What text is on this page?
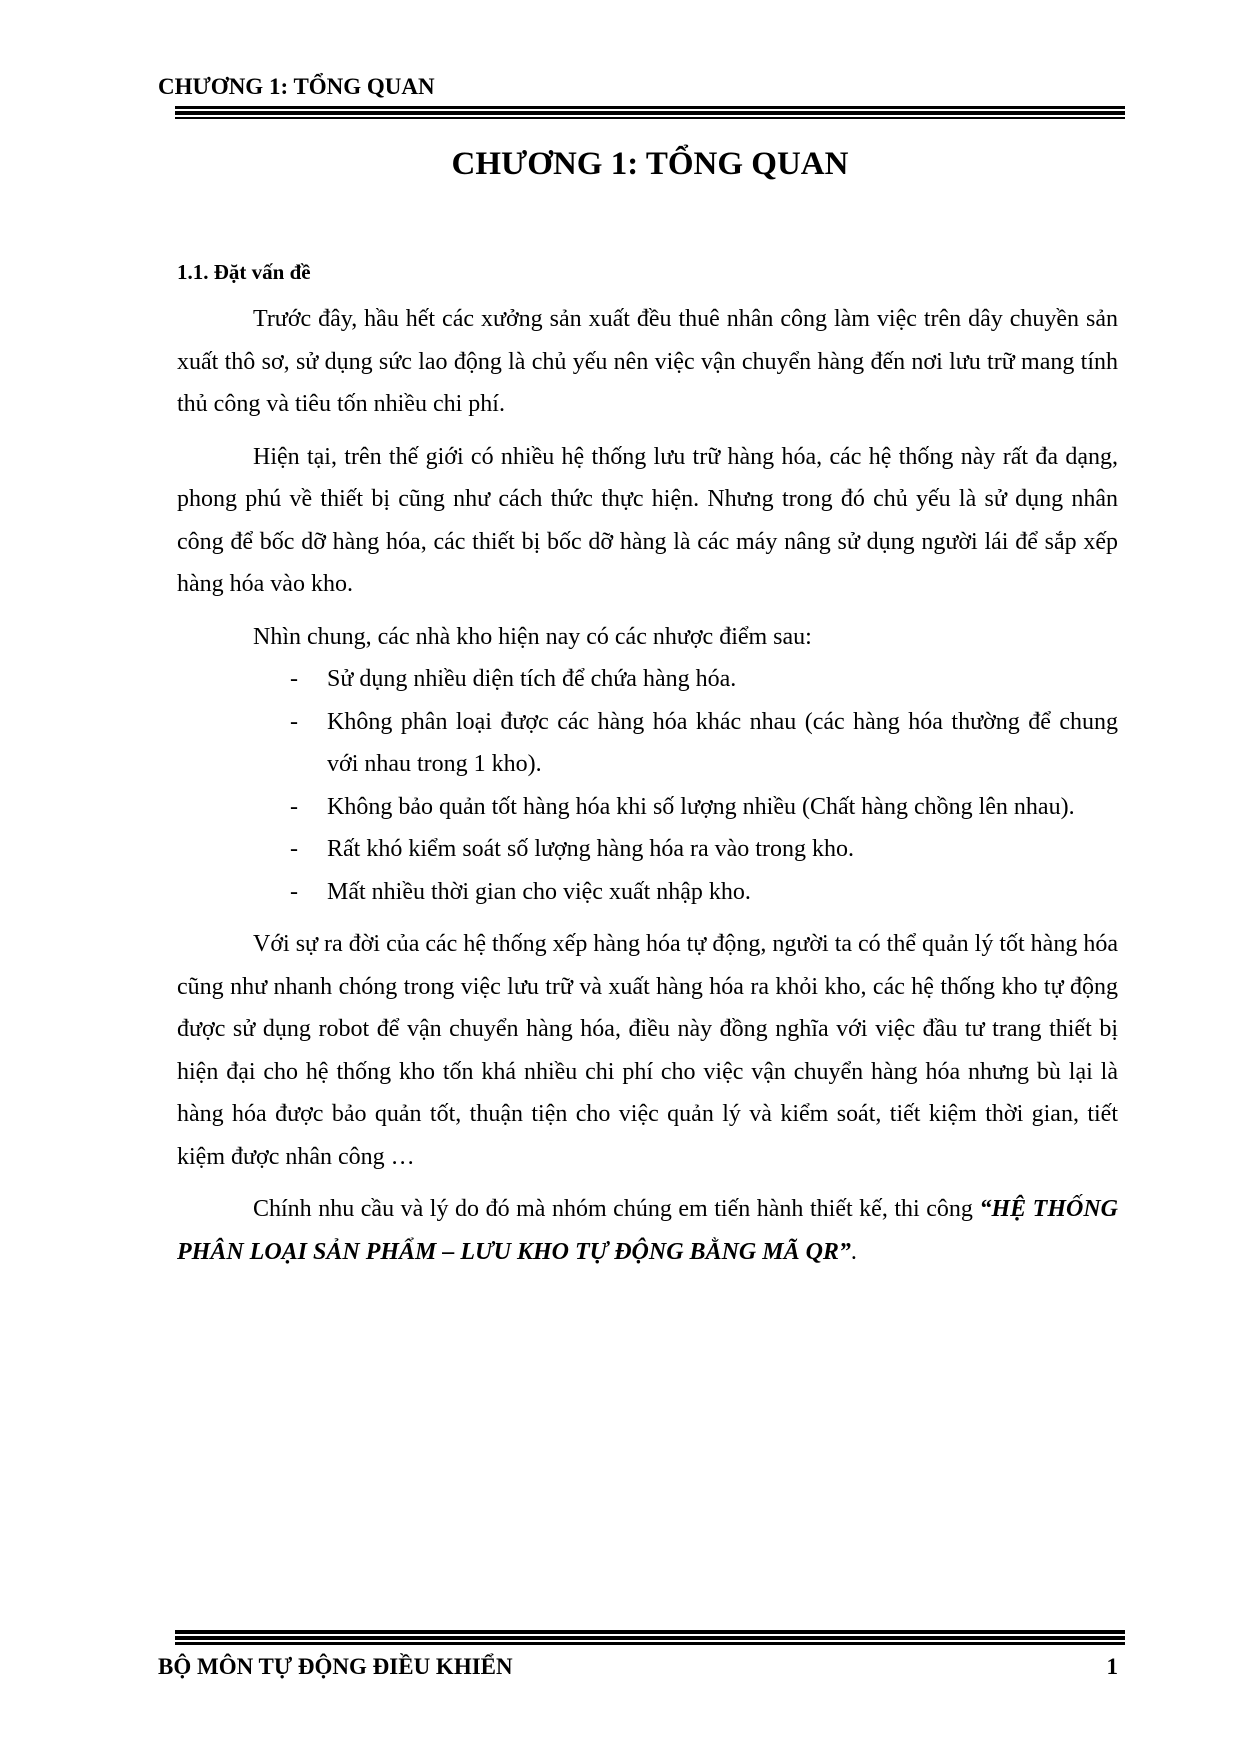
CHƯƠNG 1: TỔNG QUAN
CHƯƠNG 1: TỔNG QUAN
1.1. Đặt vấn đề

Trước đây, hầu hết các xưởng sản xuất đều thuê nhân công làm việc trên dây chuyền sản xuất thô sơ, sử dụng sức lao động là chủ yếu nên việc vận chuyển hàng đến nơi lưu trữ mang tính thủ công và tiêu tốn nhiều chi phí.

Hiện tại, trên thế giới có nhiều hệ thống lưu trữ hàng hóa, các hệ thống này rất đa dạng, phong phú về thiết bị cũng như cách thức thực hiện. Nhưng trong đó chủ yếu là sử dụng nhân công để bốc dỡ hàng hóa, các thiết bị bốc dỡ hàng là các máy nâng sử dụng người lái để sắp xếp hàng hóa vào kho.

Nhìn chung, các nhà kho hiện nay có các nhược điểm sau:

- Sử dụng nhiều diện tích để chứa hàng hóa.
- Không phân loại được các hàng hóa khác nhau (các hàng hóa thường để chung với nhau trong 1 kho).
- Không bảo quản tốt hàng hóa khi số lượng nhiều (Chất hàng chồng lên nhau).
- Rất khó kiểm soát số lượng hàng hóa ra vào trong kho.
- Mất nhiều thời gian cho việc xuất nhập kho.

Với sự ra đời của các hệ thống xếp hàng hóa tự động, người ta có thể quản lý tốt hàng hóa cũng như nhanh chóng trong việc lưu trữ và xuất hàng hóa ra khỏi kho, các hệ thống kho tự động được sử dụng robot để vận chuyển hàng hóa, điều này đồng nghĩa với việc đầu tư trang thiết bị hiện đại cho hệ thống kho tốn khá nhiều chi phí cho việc vận chuyển hàng hóa nhưng bù lại là hàng hóa được bảo quản tốt, thuận tiện cho việc quản lý và kiểm soát, tiết kiệm thời gian, tiết kiệm được nhân công …

Chính nhu cầu và lý do đó mà nhóm chúng em tiến hành thiết kế, thi công “HỆ THỐNG PHÂN LOẠI SẢN PHẨM – LƯU KHO TỰ ĐỘNG BẰNG MÃ QR”.

BỘ MÔN TỰ ĐỘNG ĐIỀU KHIỂN	1
